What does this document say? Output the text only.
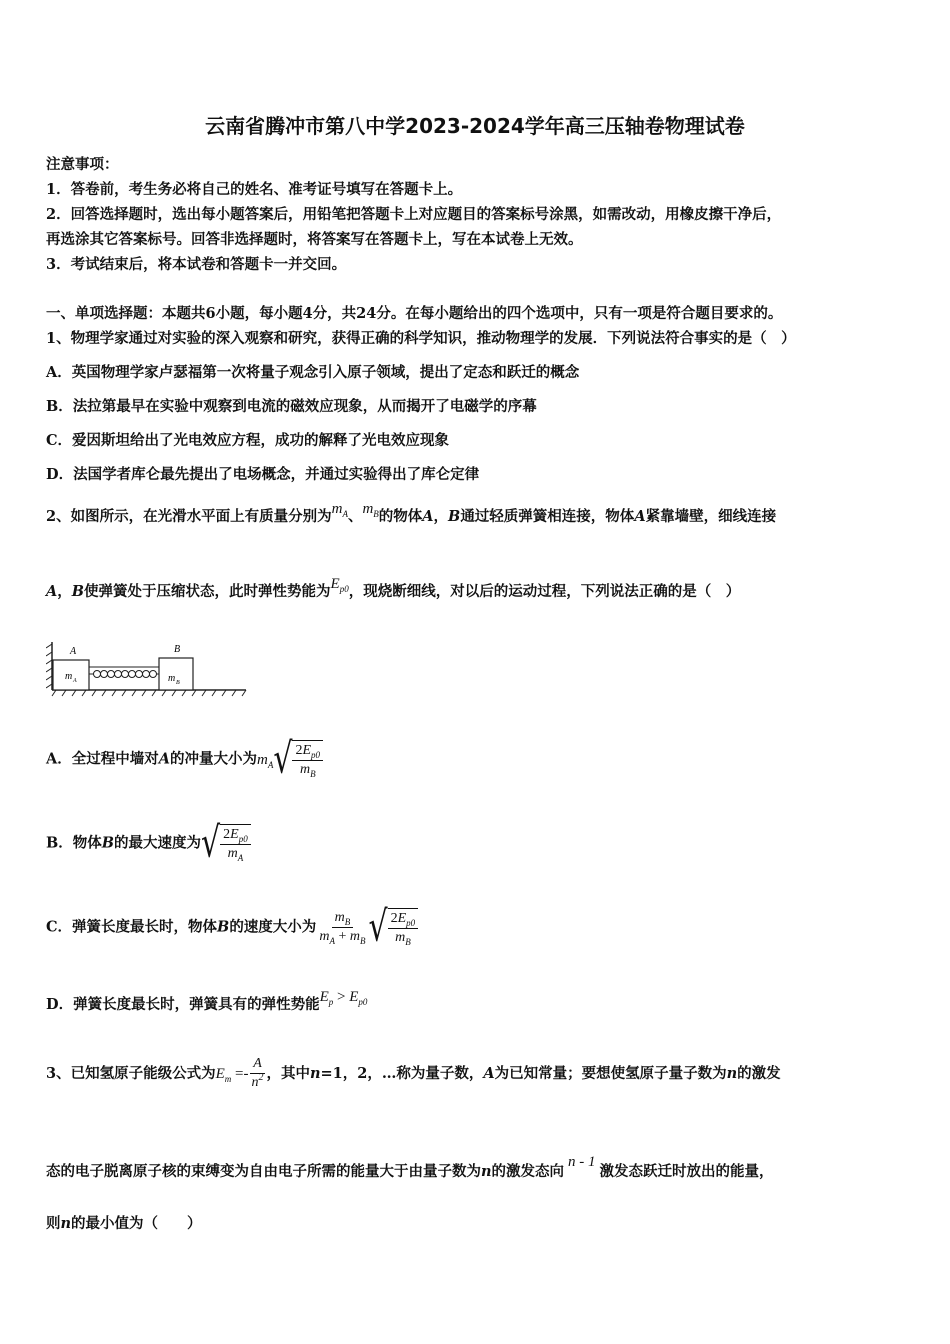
云南省腾冲市第八中学2023-2024学年高三压轴卷物理试卷
注意事项：
1．答卷前，考生务必将自己的姓名、准考证号填写在答题卡上。
2．回答选择题时，选出每小题答案后，用铅笔把答题卡上对应题目的答案标号涂黑，如需改动，用橡皮擦干净后，
再选涂其它答案标号。回答非选择题时，将答案写在答题卡上，写在本试卷上无效。
3．考试结束后，将本试卷和答题卡一并交回。
一、单项选择题：本题共6小题，每小题4分，共24分。在每小题给出的四个选项中，只有一项是符合题目要求的。
1、物理学家通过对实验的深入观察和研究，获得正确的科学知识，推动物理学的发展．下列说法符合事实的是（　）
A．英国物理学家卢瑟福第一次将量子观念引入原子领域，提出了定态和跃迁的概念
B．法拉第最早在实验中观察到电流的磁效应现象，从而揭开了电磁学的序幕
C．爱因斯坦给出了光电效应方程，成功的解释了光电效应现象
D．法国学者库仑最先提出了电场概念，并通过实验得出了库仑定律
2、如图所示，在光滑水平面上有质量分别为$m_A$、$m_B$的物体A，B通过轻质弹簧相连接，物体A紧靠墙壁，细线连接
A，B使弹簧处于压缩状态，此时弹性势能为$E_{p0}$，现烧断细线，对以后的运动过程，下列说法正确的是（　）
A	B
m A	m B
A．全过程中墙对A的冲量大小为$m_A$ √ $\frac{2E_{p0}}{m_B}$
B．物体B的最大速度为 √ $\frac{2E_{p0}}{m_A}$
C．弹簧长度最长时，物体B的速度大小为 $\frac{m_B}{m_A + m_B}$ √ $\frac{2E_{p0}}{m_B}$
D．弹簧长度最长时，弹簧具有的弹性势能$E_p > E_{p0}$
3、已知氢原子能级公式为$E_m =- \frac{A}{n^2}$ ，其中n=1，2，…称为量子数，A为已知常量；要想使氢原子量子数为n的激发
态的电子脱离原子核的束缚变为自由电子所需的能量大于由量子数为n的激发态向n - 1激发态跃迁时放出的能量，
则n的最小值为（　　）
